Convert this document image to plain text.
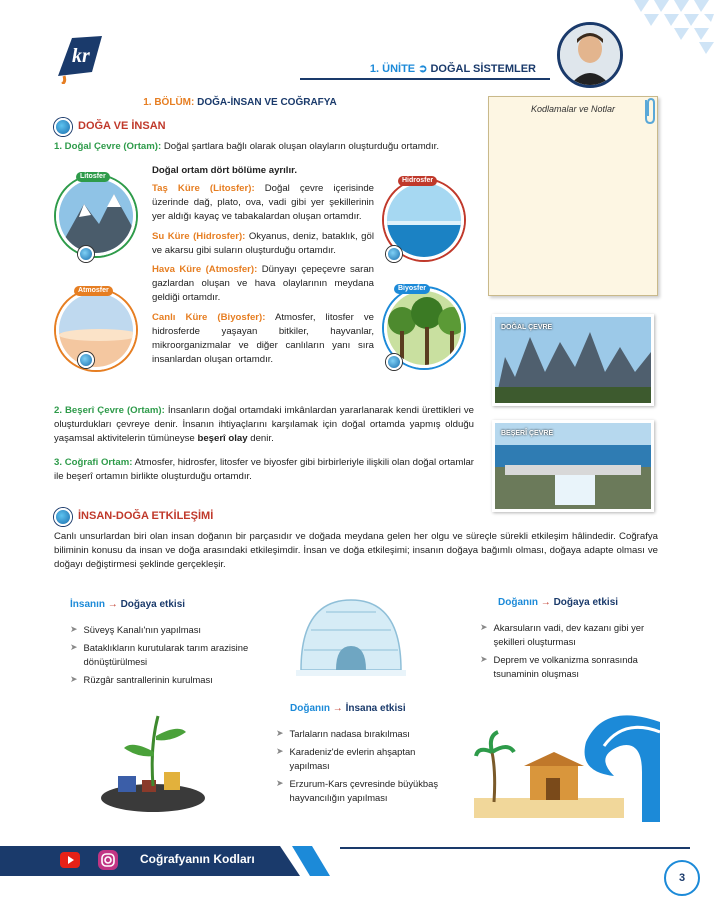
kr
1. ÜNİTE ➲ DOĞAL SİSTEMLER
1. BÖLÜM: DOĞA-İNSAN VE COĞRAFYA
Kodlamalar ve Notlar
DOĞA VE İNSAN
1. Doğal Çevre (Ortam): Doğal şartlara bağlı olarak oluşan olayların oluşturduğu ortamdır.
Litosfer
Atmosfer
Hidrosfer
Biyosfer
Doğal ortam dört bölüme ayrılır.
Taş Küre (Litosfer): Doğal çevre içerisinde üzerinde dağ, plato, ova, vadi gibi yer şekillerinin yer aldığı kayaç ve tabakalardan oluşan ortamdır.
Su Küre (Hidrosfer): Okyanus, deniz, bataklık, göl ve akarsu gibi suların oluşturduğu ortamdır.
Hava Küre (Atmosfer): Dünyayı çepeçevre saran gazlardan oluşan ve hava olaylarının meydana geldiği ortamdır.
Canlı Küre (Biyosfer): Atmosfer, litosfer ve hidrosferde yaşayan bitkiler, hayvanlar, mikroorganizmalar ve diğer canlıların yanı sıra insanlardan oluşan ortamdır.
2. Beşerî Çevre (Ortam): İnsanların doğal ortamdaki imkânlardan yararlanarak kendi ürettikleri ve oluşturdukları çevreye denir. İnsanın ihtiyaçlarını karşılamak için doğal ortamda yapmış olduğu yaşamsal aktivitelerin tümüneyse beşerî olay denir.
3. Coğrafi Ortam: Atmosfer, hidrosfer, litosfer ve biyosfer gibi birbirleriyle ilişkili olan doğal ortamlar ile beşerî ortamın birlikte oluşturduğu ortamdır.
DOĞAL ÇEVRE
BEŞERÎ ÇEVRE
İNSAN-DOĞA ETKİLEŞİMİ
Canlı unsurlardan biri olan insan doğanın bir parçasıdır ve doğada meydana gelen her olgu ve süreçle sürekli etkileşim hâlindedir. Coğrafya biliminin konusu da insan ve doğa arasındaki etkileşimdir. İnsan ve doğa etkileşimi; insanın doğaya bağımlı olması, doğaya adapte olması ve doğayı değiştirmesi şeklinde gerçekleşir.
İnsanın → Doğaya etkisi
➤ Süveyş Kanalı'nın yapılması
➤ Bataklıkların kurutularak tarım arazisine dönüştürülmesi
➤ Rüzgâr santrallerinin kurulması
Doğanın → İnsana etkisi
➤ Tarlaların nadasa bırakılması
➤ Karadeniz'de evlerin ahşaptan yapılması
➤ Erzurum-Kars çevresinde büyükbaş hayvancılığın yapılması
Doğanın → Doğaya etkisi
➤ Akarsuların vadi, dev kazanı gibi yer şekilleri oluşturması
➤ Deprem ve volkanizma sonrasında tsunaminin oluşması
Coğrafyanın Kodları
3
